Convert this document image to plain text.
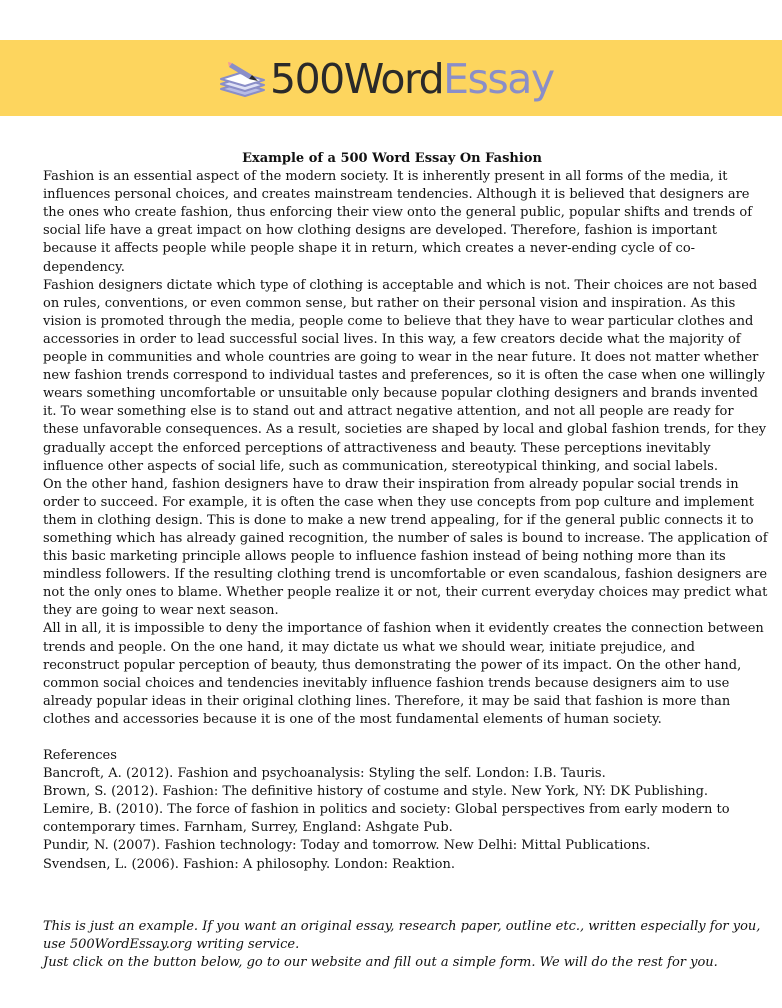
500WordEssay

Example of a 500 Word Essay On Fashion

Fashion is an essential aspect of the modern society. It is inherently present in all forms of the media, it influences personal choices, and creates mainstream tendencies. Although it is believed that designers are the ones who create fashion, thus enforcing their view onto the general public, popular shifts and trends of social life have a great impact on how clothing designs are developed. Therefore, fashion is important because it affects people while people shape it in return, which creates a never-ending cycle of co-dependency.

Fashion designers dictate which type of clothing is acceptable and which is not. Their choices are not based on rules, conventions, or even common sense, but rather on their personal vision and inspiration. As this vision is promoted through the media, people come to believe that they have to wear particular clothes and accessories in order to lead successful social lives. In this way, a few creators decide what the majority of people in communities and whole countries are going to wear in the near future. It does not matter whether new fashion trends correspond to individual tastes and preferences, so it is often the case when one willingly wears something uncomfortable or unsuitable only because popular clothing designers and brands invented it. To wear something else is to stand out and attract negative attention, and not all people are ready for these unfavorable consequences. As a result, societies are shaped by local and global fashion trends, for they gradually accept the enforced perceptions of attractiveness and beauty. These perceptions inevitably influence other aspects of social life, such as communication, stereotypical thinking, and social labels.

On the other hand, fashion designers have to draw their inspiration from already popular social trends in order to succeed. For example, it is often the case when they use concepts from pop culture and implement them in clothing design. This is done to make a new trend appealing, for if the general public connects it to something which has already gained recognition, the number of sales is bound to increase. The application of this basic marketing principle allows people to influence fashion instead of being nothing more than its mindless followers. If the resulting clothing trend is uncomfortable or even scandalous, fashion designers are not the only ones to blame. Whether people realize it or not, their current everyday choices may predict what they are going to wear next season.

All in all, it is impossible to deny the importance of fashion when it evidently creates the connection between trends and people. On the one hand, it may dictate us what we should wear, initiate prejudice, and reconstruct popular perception of beauty, thus demonstrating the power of its impact. On the other hand, common social choices and tendencies inevitably influence fashion trends because designers aim to use already popular ideas in their original clothing lines. Therefore, it may be said that fashion is more than clothes and accessories because it is one of the most fundamental elements of human society.

References

Bancroft, A. (2012). Fashion and psychoanalysis: Styling the self. London: I.B. Tauris.

Brown, S. (2012). Fashion: The definitive history of costume and style. New York, NY: DK Publishing.

Lemire, B. (2010). The force of fashion in politics and society: Global perspectives from early modern to contemporary times. Farnham, Surrey, England: Ashgate Pub.

Pundir, N. (2007). Fashion technology: Today and tomorrow. New Delhi: Mittal Publications.

Svendsen, L. (2006). Fashion: A philosophy. London: Reaktion.

This is just an example. If you want an original essay, research paper, outline etc., written especially for you, use 500WordEssay.org writing service.

Just click on the button below, go to our website and fill out a simple form. We will do the rest for you.
